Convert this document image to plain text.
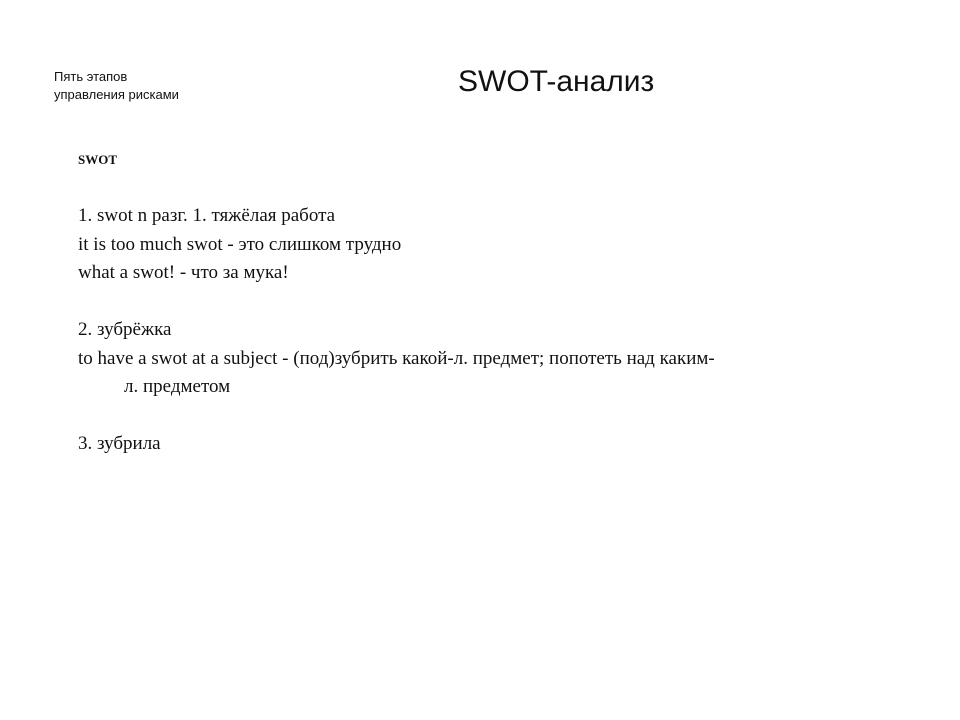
Пять этапов
управления рисками	SWOT-анализ
swot
1. swot n разг. 1. тяжёлая работа
it is too much swot - это слишком трудно
what a swot! - что за мука!
2. зубрёжка
to have a swot at a subject - (под)зубрить какой-л. предмет; попотеть над каким-
л. предметом
3. зубрила
